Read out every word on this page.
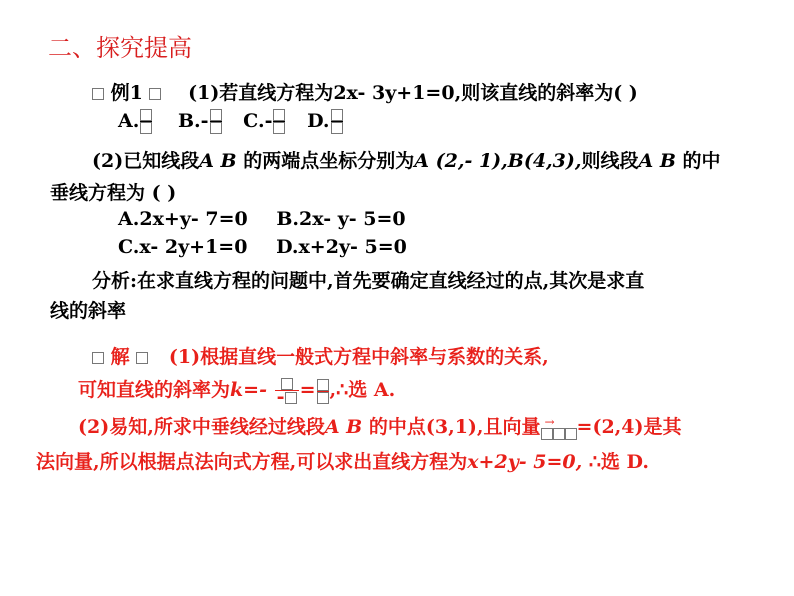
二、探究提高
例1 (1)若直线方程为2x- 3y+1=0,则该直线的斜率为( )
A. B.- C.- D.
(2)已知线段A B 的两端点坐标分别为A (2,- 1),B(4,3),则线段A B 的中
垂线方程为 ( )
A.2x+y- 7=0 B.2x- y- 5=0
C.x- 2y+1=0 D.x+2y- 5=0
分析:在求直线方程的问题中,首先要确定直线经过的点,其次是求直
线的斜率
解 (1)根据直线一般式方程中斜率与系数的关系,
可知直线的斜率为k=- - = ,∴选 A.
(2)易知,所求中垂线经过线段A B 的中点(3,1),且向量 → =(2,4)是其
法向量,所以根据点法向式方程,可以求出直线方程为x+2y- 5=0, ∴选 D.
